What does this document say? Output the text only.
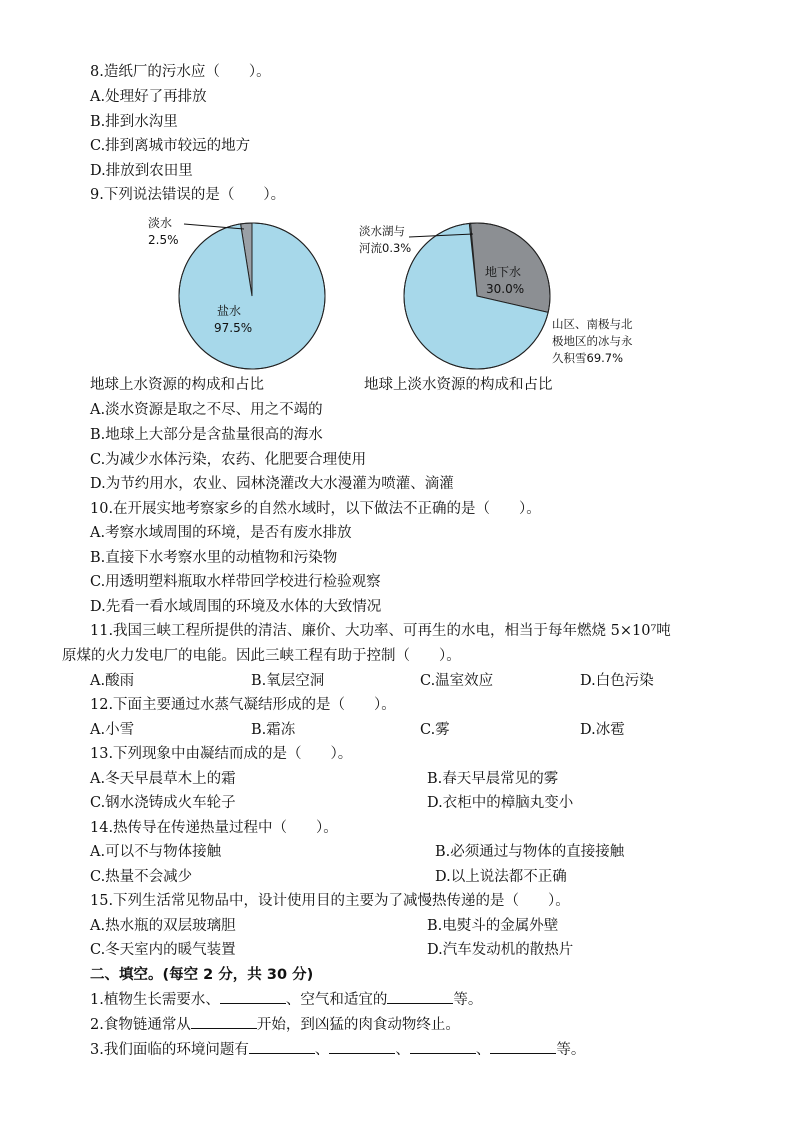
8.造纸厂的污水应（　　）。
A.处理好了再排放
B.排到水沟里
C.排到离城市较远的地方
D.排放到农田里
9.下列说法错误的是（　　）。
淡水
2.5%
盐水
97.5%
淡水湖与
河流0.3%
地下水
30.0%
山区、南极与北
极地区的冰与永
久积雪69.7%
地球上水资源的构成和占比	地球上淡水资源的构成和占比
A.淡水资源是取之不尽、用之不竭的
B.地球上大部分是含盐量很高的海水
C.为减少水体污染，农药、化肥要合理使用
D.为节约用水，农业、园林浇灌改大水漫灌为喷灌、滴灌
10.在开展实地考察家乡的自然水域时，以下做法不正确的是（　　）。
A.考察水域周围的环境，是否有废水排放
B.直接下水考察水里的动植物和污染物
C.用透明塑料瓶取水样带回学校进行检验观察
D.先看一看水域周围的环境及水体的大致情况
11.我国三峡工程所提供的清洁、廉价、大功率、可再生的水电，相当于每年燃烧 5×10⁷吨
原煤的火力发电厂的电能。因此三峡工程有助于控制（　　）。
A.酸雨	B.氧层空洞	C.温室效应	D.白色污染
12.下面主要通过水蒸气凝结形成的是（　　）。
A.小雪	B.霜冻	C.雾	D.冰雹
13.下列现象中由凝结而成的是（　　）。
A.冬天早晨草木上的霜	B.春天早晨常见的雾
C.钢水浇铸成火车轮子	D.衣柜中的樟脑丸变小
14.热传导在传递热量过程中（　　）。
A.可以不与物体接触	B.必须通过与物体的直接接触
C.热量不会减少	D.以上说法都不正确
15.下列生活常见物品中，设计使用目的主要为了减慢热传递的是（　　）。
A.热水瓶的双层玻璃胆	B.电熨斗的金属外壁
C.冬天室内的暖气装置	D.汽车发动机的散热片
二、填空。(每空 2 分，共 30 分)
1.植物生长需要水、	、空气和适宜的	等。
2.食物链通常从	开始，到凶猛的肉食动物终止。
3.我们面临的环境问题有	、	、	、	等。
